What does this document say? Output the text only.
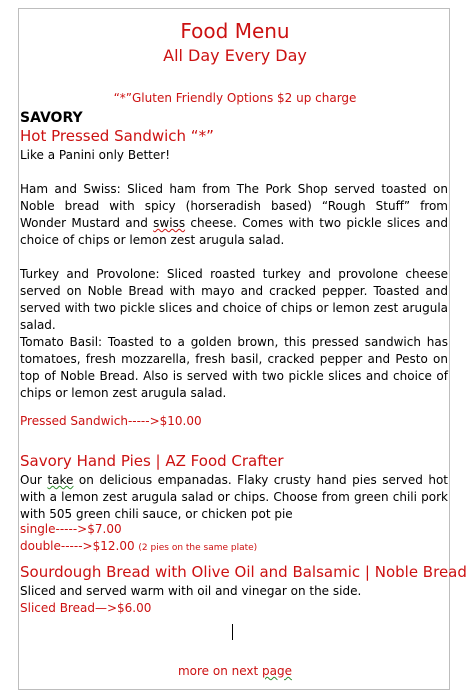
Food Menu
All Day Every Day
“*”Gluten Friendly Options $2 up charge
SAVORY
Hot Pressed Sandwich “*”
Like a Panini only Better!
Ham and Swiss: Sliced ham from The Pork Shop served toasted on Noble bread with spicy (horseradish based) “Rough Stuff” from Wonder Mustard and swiss cheese. Comes with two pickle slices and choice of chips or lemon zest arugula salad.
Turkey and Provolone: Sliced roasted turkey and provolone cheese served on Noble Bread with mayo and cracked pepper. Toasted and served with two pickle slices and choice of chips or lemon zest arugula salad.
Tomato Basil: Toasted to a golden brown, this pressed sandwich has tomatoes, fresh mozzarella, fresh basil, cracked pepper and Pesto on top of Noble Bread. Also is served with two pickle slices and choice of chips or lemon zest arugula salad.
Pressed Sandwich----->$10.00
Savory Hand Pies | AZ Food Crafter
Our take on delicious empanadas. Flaky crusty hand pies served hot with a lemon zest arugula salad or chips. Choose from green chili pork with 505 green chili sauce, or chicken pot pie
single----->$7.00
double----->$12.00 (2 pies on the same plate)
Sourdough Bread with Olive Oil and Balsamic | Noble Bread
Sliced and served warm with oil and vinegar on the side.
Sliced Bread—>$6.00
more on next page
